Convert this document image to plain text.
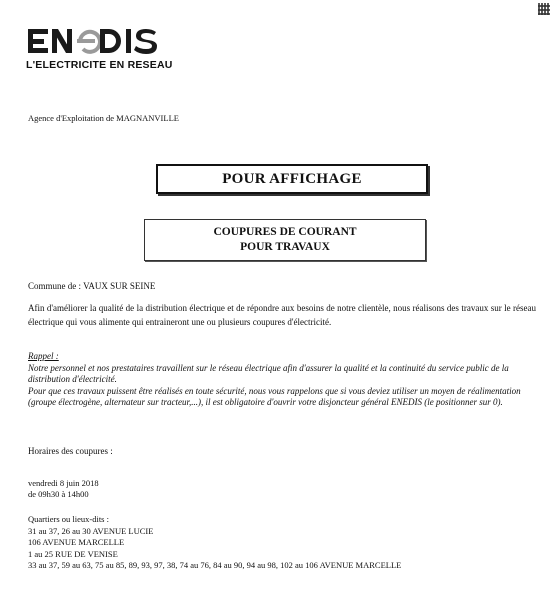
L'ELECTRICITE EN RESEAU
Agence d'Exploitation de MAGNANVILLE
POUR AFFICHAGE
COUPURES DE COURANT
POUR TRAVAUX
Commune de : VAUX SUR SEINE
Afin d'améliorer la qualité de la distribution électrique et de répondre aux besoins de notre clientèle, nous réalisons des travaux sur le réseau électrique qui vous alimente qui entraineront une ou plusieurs coupures d'électricité.
Rappel :

Notre personnel et nos prestataires travaillent sur le réseau électrique afin d'assurer la qualité et la continuité du service public de la distribution d'électricité.

Pour que ces travaux puissent être réalisés en toute sécurité, nous vous rappelons que si vous deviez utiliser un moyen de réalimentation (groupe électrogène, alternateur sur tracteur,...), il est obligatoire d'ouvrir votre disjoncteur général ENEDIS (le positionner sur 0).

Horaires des coupures :
vendredi 8 juin 2018
de 09h30 à 14h00
Quartiers ou lieux-dits :
31 au 37, 26 au 30 AVENUE LUCIE
106 AVENUE MARCELLE
1 au 25 RUE DE VENISE
33 au 37, 59 au 63, 75 au 85, 89, 93, 97, 38, 74 au 76, 84 au 90, 94 au 98, 102 au 106 AVENUE MARCELLE
